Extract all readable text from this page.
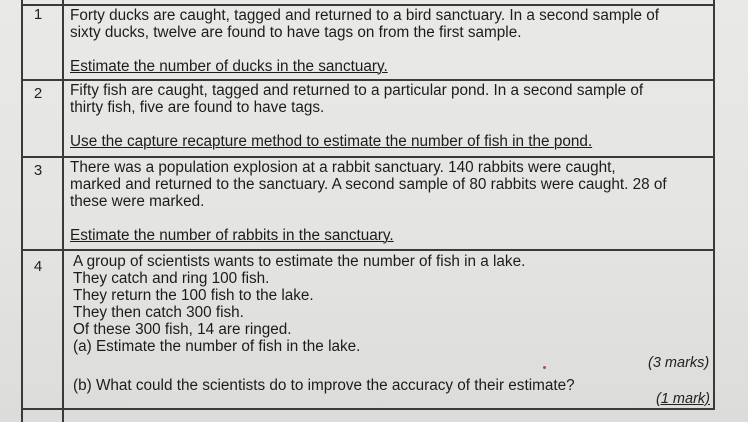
1	Forty ducks are caught, tagged and returned to a bird sanctuary. In a second sample of
sixty ducks, twelve are found to have tags on from the first sample.

Estimate the number of ducks in the sanctuary.

2	Fifty fish are caught, tagged and returned to a particular pond. In a second sample of
thirty fish, five are found to have tags.

Use the capture recapture method to estimate the number of fish in the pond.

3	There was a population explosion at a rabbit sanctuary. 140 rabbits were caught,
marked and returned to the sanctuary. A second sample of 80 rabbits were caught. 28 of
these were marked.

Estimate the number of rabbits in the sanctuary.

4	A group of scientists wants to estimate the number of fish in a lake.

They catch and ring 100 fish.

They return the 100 fish to the lake.

They then catch 300 fish.

Of these 300 fish, 14 are ringed.

(a) Estimate the number of fish in the lake.

(b) What could the scientists do to improve the accuracy of their estimate?

(3 marks)
(1 mark)
